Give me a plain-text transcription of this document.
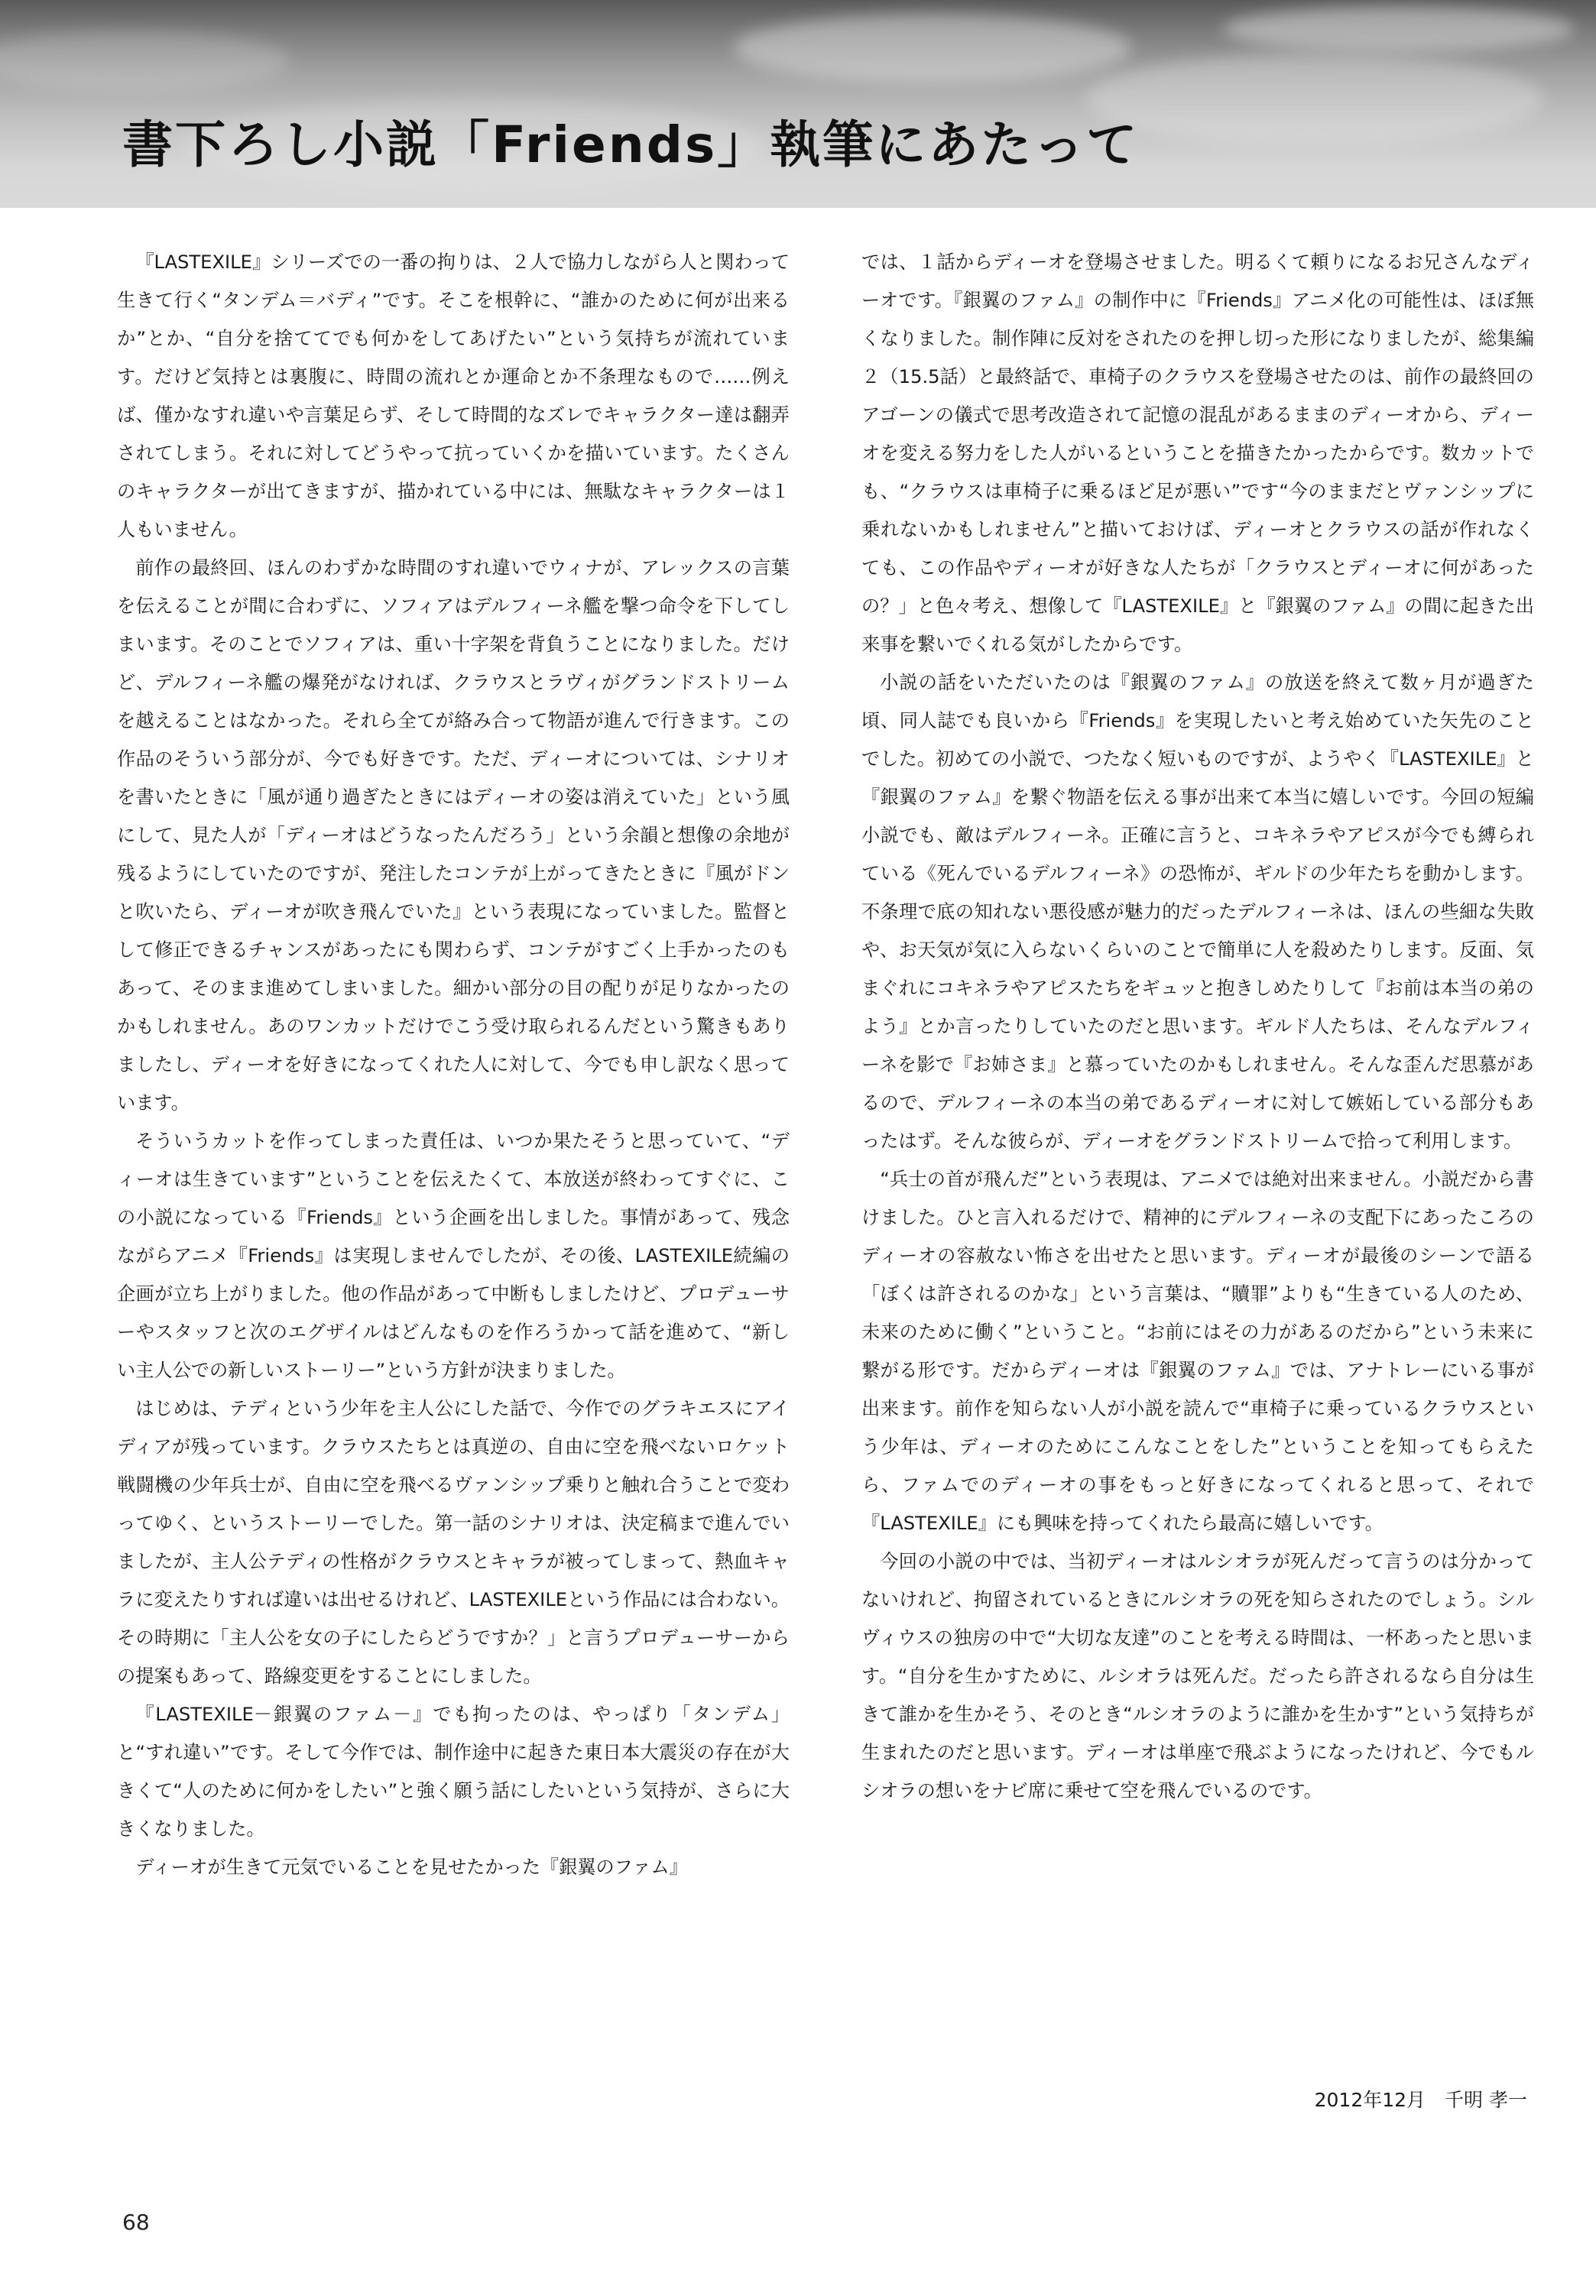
書下ろし小説「Friends」執筆にあたって

『LASTEXILE』シリーズでの一番の拘りは、２人で協力しながら人と関わって生きて行く“タンデム＝バディ”です。そこを根幹に、“誰かのために何が出来るか”とか、“自分を捨ててでも何かをしてあげたい”という気持ちが流れています。だけど気持とは裏腹に、時間の流れとか運命とか不条理なもので……例えば、僅かなすれ違いや言葉足らず、そして時間的なズレでキャラクター達は翻弄されてしまう。それに対してどうやって抗っていくかを描いています。たくさんのキャラクターが出てきますが、描かれている中には、無駄なキャラクターは１人もいません。

前作の最終回、ほんのわずかな時間のすれ違いでウィナが、アレックスの言葉を伝えることが間に合わずに、ソフィアはデルフィーネ艦を撃つ命令を下してしまいます。そのことでソフィアは、重い十字架を背負うことになりました。だけど、デルフィーネ艦の爆発がなければ、クラウスとラヴィがグランドストリームを越えることはなかった。それら全てが絡み合って物語が進んで行きます。この作品のそういう部分が、今でも好きです。ただ、ディーオについては、シナリオを書いたときに「風が通り過ぎたときにはディーオの姿は消えていた」という風にして、見た人が「ディーオはどうなったんだろう」という余韻と想像の余地が残るようにしていたのですが、発注したコンテが上がってきたときに『風がドンと吹いたら、ディーオが吹き飛んでいた』という表現になっていました。監督として修正できるチャンスがあったにも関わらず、コンテがすごく上手かったのもあって、そのまま進めてしまいました。細かい部分の目の配りが足りなかったのかもしれません。あのワンカットだけでこう受け取られるんだという驚きもありましたし、ディーオを好きになってくれた人に対して、今でも申し訳なく思っています。

そういうカットを作ってしまった責任は、いつか果たそうと思っていて、“ディーオは生きています”ということを伝えたくて、本放送が終わってすぐに、この小説になっている『Friends』という企画を出しました。事情があって、残念ながらアニメ『Friends』は実現しませんでしたが、その後、LASTEXILE続編の企画が立ち上がりました。他の作品があって中断もしましたけど、プロデューサーやスタッフと次のエグザイルはどんなものを作ろうかって話を進めて、“新しい主人公での新しいストーリー”という方針が決まりました。

はじめは、テディという少年を主人公にした話で、今作でのグラキエスにアイディアが残っています。クラウスたちとは真逆の、自由に空を飛べないロケット戦闘機の少年兵士が、自由に空を飛べるヴァンシップ乗りと触れ合うことで変わってゆく、というストーリーでした。第一話のシナリオは、決定稿まで進んでいましたが、主人公テディの性格がクラウスとキャラが被ってしまって、熱血キャラに変えたりすれば違いは出せるけれど、LASTEXILEという作品には合わない。その時期に「主人公を女の子にしたらどうですか？」と言うプロデューサーからの提案もあって、路線変更をすることにしました。

『LASTEXILE－銀翼のファム－』でも拘ったのは、やっぱり「タンデム」と“すれ違い”です。そして今作では、制作途中に起きた東日本大震災の存在が大きくて“人のために何かをしたい”と強く願う話にしたいという気持が、さらに大きくなりました。

ディーオが生きて元気でいることを見せたかった『銀翼のファム』

では、１話からディーオを登場させました。明るくて頼りになるお兄さんなディーオです。『銀翼のファム』の制作中に『Friends』アニメ化の可能性は、ほぼ無くなりました。制作陣に反対をされたのを押し切った形になりましたが、総集編２（15.5話）と最終話で、車椅子のクラウスを登場させたのは、前作の最終回のアゴーンの儀式で思考改造されて記憶の混乱があるままのディーオから、ディーオを変える努力をした人がいるということを描きたかったからです。数カットでも、“クラウスは車椅子に乗るほど足が悪い”です“今のままだとヴァンシップに乗れないかもしれません”と描いておけば、ディーオとクラウスの話が作れなくても、この作品やディーオが好きな人たちが「クラウスとディーオに何があったの？」と色々考え、想像して『LASTEXILE』と『銀翼のファム』の間に起きた出来事を繋いでくれる気がしたからです。

小説の話をいただいたのは『銀翼のファム』の放送を終えて数ヶ月が過ぎた頃、同人誌でも良いから『Friends』を実現したいと考え始めていた矢先のことでした。初めての小説で、つたなく短いものですが、ようやく『LASTEXILE』と『銀翼のファム』を繋ぐ物語を伝える事が出来て本当に嬉しいです。今回の短編小説でも、敵はデルフィーネ。正確に言うと、コキネラやアピスが今でも縛られている《死んでいるデルフィーネ》の恐怖が、ギルドの少年たちを動かします。不条理で底の知れない悪役感が魅力的だったデルフィーネは、ほんの些細な失敗や、お天気が気に入らないくらいのことで簡単に人を殺めたりします。反面、気まぐれにコキネラやアピスたちをギュッと抱きしめたりして『お前は本当の弟のよう』とか言ったりしていたのだと思います。ギルド人たちは、そんなデルフィーネを影で『お姉さま』と慕っていたのかもしれません。そんな歪んだ思慕があるので、デルフィーネの本当の弟であるディーオに対して嫉妬している部分もあったはず。そんな彼らが、ディーオをグランドストリームで拾って利用します。

“兵士の首が飛んだ”という表現は、アニメでは絶対出来ません。小説だから書けました。ひと言入れるだけで、精神的にデルフィーネの支配下にあったころのディーオの容赦ない怖さを出せたと思います。ディーオが最後のシーンで語る「ぼくは許されるのかな」という言葉は、“贖罪”よりも“生きている人のため、未来のために働く”ということ。“お前にはその力があるのだから”という未来に繋がる形です。だからディーオは『銀翼のファム』では、アナトレーにいる事が出来ます。前作を知らない人が小説を読んで“車椅子に乗っているクラウスという少年は、ディーオのためにこんなことをした”ということを知ってもらえたら、ファムでのディーオの事をもっと好きになってくれると思って、それで『LASTEXILE』にも興味を持ってくれたら最高に嬉しいです。

今回の小説の中では、当初ディーオはルシオラが死んだって言うのは分かってないけれど、拘留されているときにルシオラの死を知らされたのでしょう。シルヴィウスの独房の中で“大切な友達”のことを考える時間は、一杯あったと思います。“自分を生かすために、ルシオラは死んだ。だったら許されるなら自分は生きて誰かを生かそう、そのとき“ルシオラのように誰かを生かす”という気持ちが生まれたのだと思います。ディーオは単座で飛ぶようになったけれど、今でもルシオラの想いをナビ席に乗せて空を飛んでいるのです。

2012年12月　千明 孝一
68
